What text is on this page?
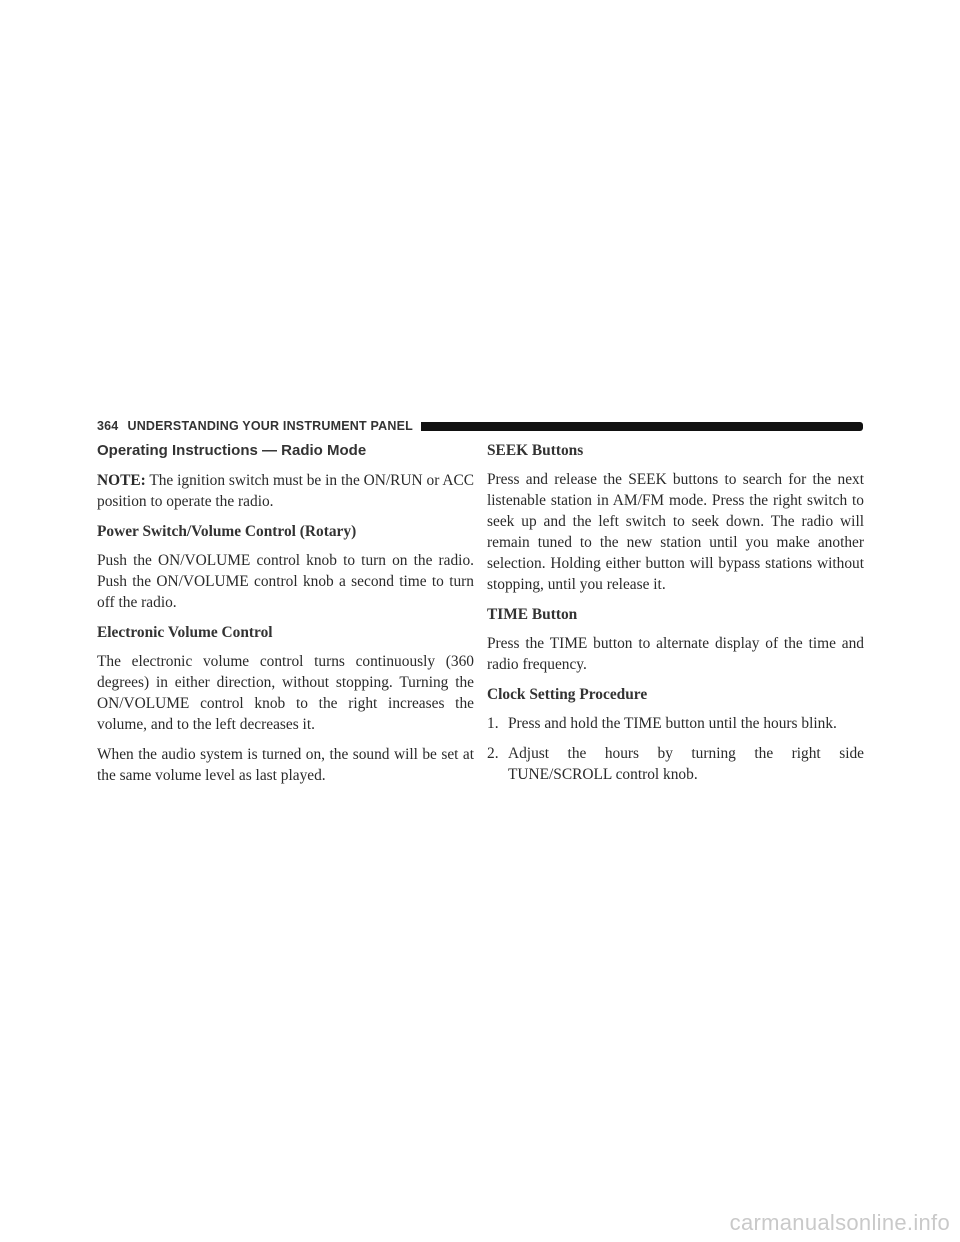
364 UNDERSTANDING YOUR INSTRUMENT PANEL
Operating Instructions — Radio Mode

NOTE: The ignition switch must be in the ON/RUN or ACC position to operate the radio.

Power Switch/Volume Control (Rotary)

Push the ON/VOLUME control knob to turn on the radio. Push the ON/VOLUME control knob a second time to turn off the radio.

Electronic Volume Control

The electronic volume control turns continuously (360 degrees) in either direction, without stopping. Turning the ON/VOLUME control knob to the right increases the volume, and to the left decreases it.

When the audio system is turned on, the sound will be set at the same volume level as last played.

SEEK Buttons

Press and release the SEEK buttons to search for the next listenable station in AM/FM mode. Press the right switch to seek up and the left switch to seek down. The radio will remain tuned to the new station until you make another selection. Holding either button will bypass stations without stopping, until you release it.

TIME Button

Press the TIME button to alternate display of the time and radio frequency.

Clock Setting Procedure
1. Press and hold the TIME button until the hours blink.
2. Adjust the hours by turning the right side TUNE/SCROLL control knob.
carmanualsonline.info
